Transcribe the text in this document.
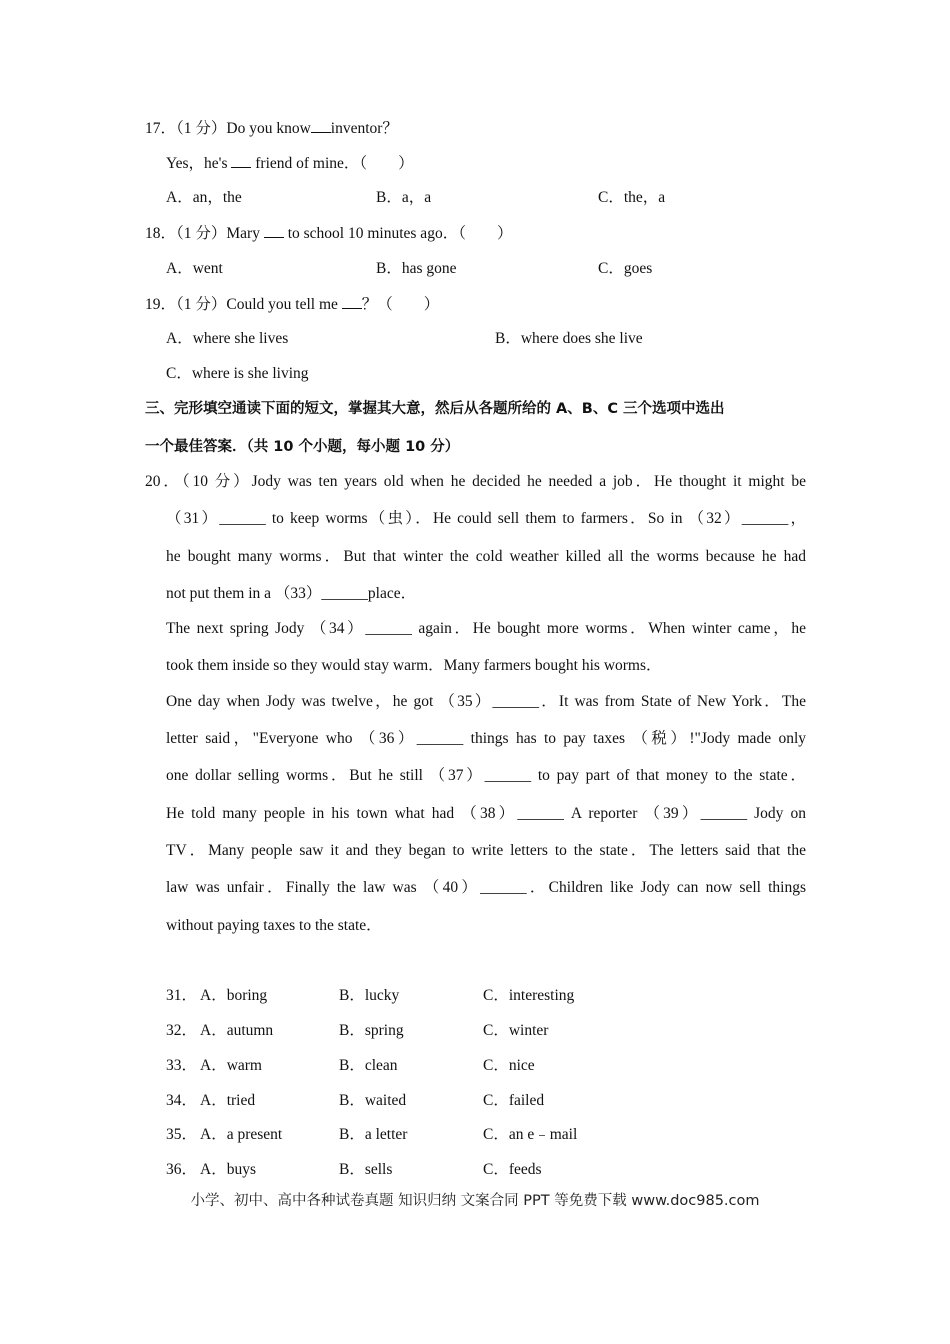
17．（1 分）Do you know inventor？
Yes，he's  friend of mine．（　　）
A．an，the	B．a，a	C．the，a
18．（1 分）Mary  to school 10 minutes ago．（　　）
A．went	B．has gone	C．goes
19．（1 分）Could you tell me ？（　　）
A．where she lives	B．where does she live
C．where is she living
三、完形填空通读下面的短文，掌握其大意，然后从各题所给的 A、B、C 三个选项中选出
一个最佳答案．（共 10 个小题，每小题 10 分）
20．（10 分）Jody was ten years old when he decided he needed a job．He thought it might be
（31）______ to keep worms（虫）．He could sell them to farmers．So in （32）______，
he bought many worms．But that winter the cold weather killed all the worms because he had
not put them in a （33）______place．
The next spring Jody （34）______ again．He bought more worms．When winter came，he
took them inside so they would stay warm．Many farmers bought his worms．
One day when Jody was twelve，he got （35）______．It was from State of New York．The
letter said，"Everyone who （36）______ things has to pay taxes （税）!"Jody made only
one dollar selling worms．But he still （37）______ to pay part of that money to the state．
He told many people in his town what had （38）______ A reporter （39）______ Jody on
TV．Many people saw it and they began to write letters to the state．The letters said that the
law was unfair．Finally the law was （40）______．Children like Jody can now sell things
without paying taxes to the state．
31． A．boring	B．lucky	C．interesting
32． A．autumn	B．spring	C．winter
33． A．warm	B．clean	C．nice
34． A．tried	B．waited	C．failed
35． A．a present	B．a letter	C．an e﹣mail
36． A．buys	B．sells	C．feeds
小学、初中、高中各种试卷真题 知识归纳 文案合同 PPT 等免费下载 www.doc985.com
